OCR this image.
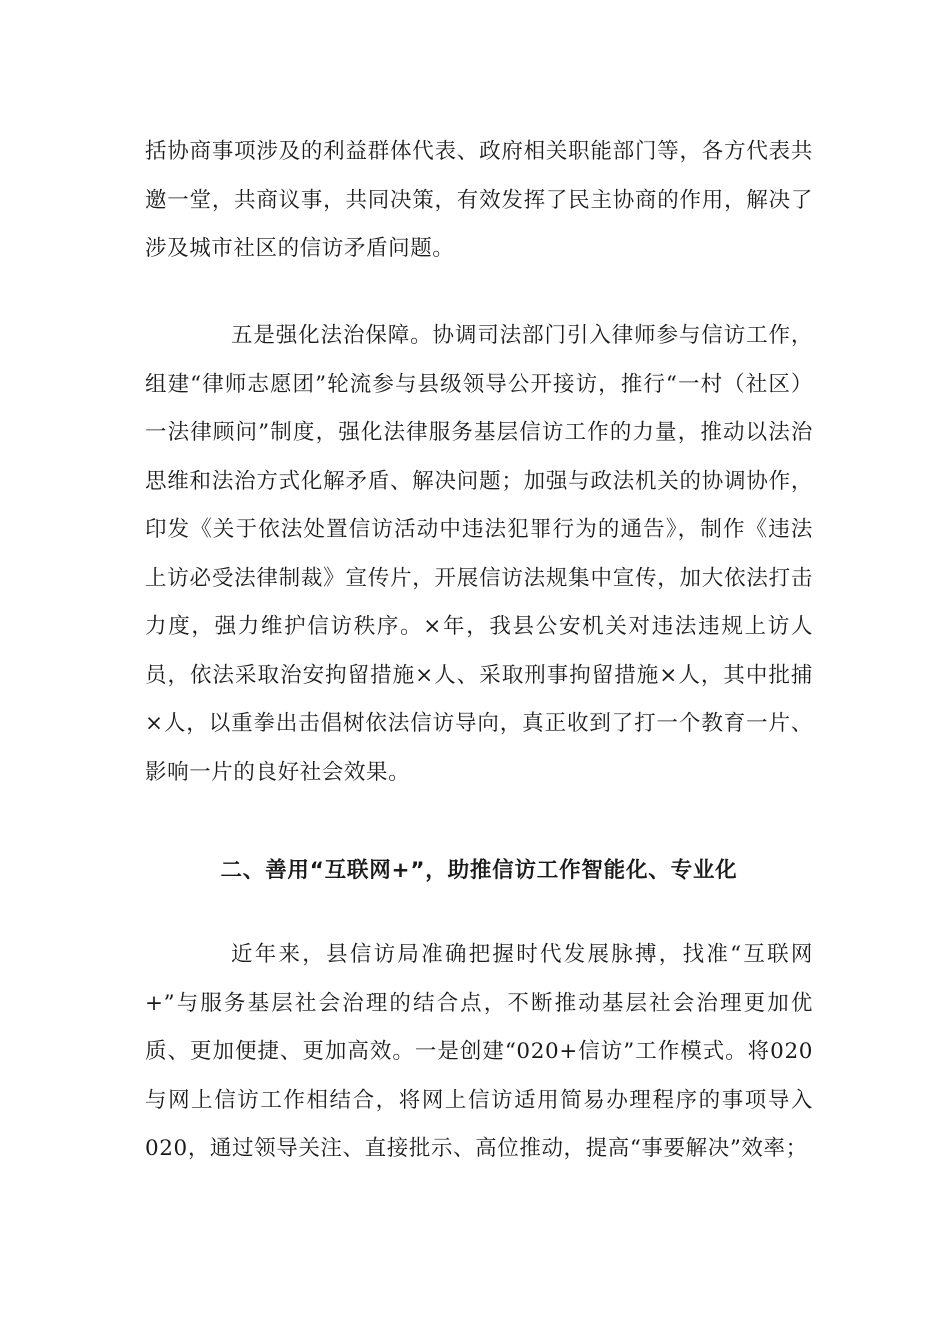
括协商事项涉及的利益群体代表、政府相关职能部门等，各方代表共邀一堂，共商议事，共同决策，有效发挥了民主协商的作用，解决了涉及城市社区的信访矛盾问题。
五是强化法治保障。协调司法部门引入律师参与信访工作，组建“律师志愿团”轮流参与县级领导公开接访，推行“一村（社区）一法律顾问”制度，强化法律服务基层信访工作的力量，推动以法治思维和法治方式化解矛盾、解决问题；加强与政法机关的协调协作，印发《关于依法处置信访活动中违法犯罪行为的通告》，制作《违法上访必受法律制裁》宣传片，开展信访法规集中宣传，加大依法打击力度，强力维护信访秩序。×年，我县公安机关对违法违规上访人员，依法采取治安拘留措施×人、采取刑事拘留措施×人，其中批捕×人，以重拳出击倡树依法信访导向，真正收到了打一个教育一片、影响一片的良好社会效果。
二、善用“互联网+”，助推信访工作智能化、专业化
近年来，县信访局准确把握时代发展脉搏，找准“互联网+”与服务基层社会治理的结合点，不断推动基层社会治理更加优质、更加便捷、更加高效。一是创建“020+信访”工作模式。将020与网上信访工作相结合，将网上信访适用简易办理程序的事项导入020，通过领导关注、直接批示、高位推动，提高“事要解决”效率；
